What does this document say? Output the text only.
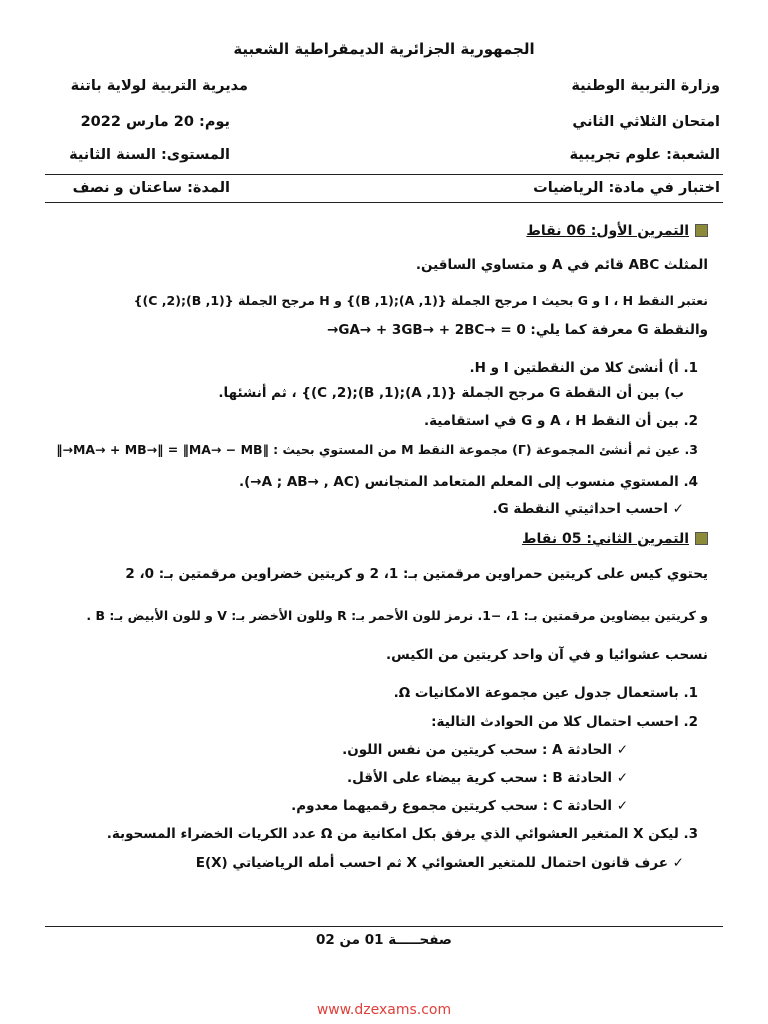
الجمهورية الجزائرية الديمقراطية الشعبية
وزارة التربية الوطنية
مديرية التربية لولاية باتنة
امتحان الثلاثي الثاني
يوم: 20 مارس 2022
الشعبة: علوم تجريبية
المستوى: السنة الثانية
اختبار في مادة: الرياضيات
المدة: ساعتان و نصف
التمرين الأول: 06 نقاط
المثلث ABC قائم في A و متساوي الساقين.
نعتبر النقط I ، H و G بحيث I مرجح الجملة {(A ,1);(B ,1)} و H مرجح الجملة {(B ,1);(C ,2)}
والنقطة G معرفة كما يلي: GA→ + 3GB→ + 2BC→ = 0→
1. أ) أنشئ كلا من النقطتين I و H.
ب) بين أن النقطة G مرجح الجملة {(A ,1);(B ,1);(C ,2)} ، ثم أنشئها.
2. بين أن النقط A ، H و G في استقامية.
3. عين ثم أنشئ المجموعة (Γ) مجموعة النقط M من المستوي بحيث : ‖MA→ + MB→‖ = ‖MA→ − MB→‖
4. المستوي منسوب إلى المعلم المتعامد المتجانس (A ; AB→ , AC→).
✓ احسب احداثيتي النقطة G.
التمرين الثاني: 05 نقاط
يحتوي كيس على كريتين حمراوين مرقمتين بـ: 1، 2 و كريتين خضراوين مرقمتين بـ: 0، 2
و كريتين بيضاوين مرقمتين بـ: 1، −1. نرمز للون الأحمر بـ: R وللون الأخضر بـ: V و للون الأبيض بـ: B .
نسحب عشوائيا و في آن واحد كريتين من الكيس.
1. باستعمال جدول عين مجموعة الامكانيات Ω.
2. احسب احتمال كلا من الحوادث التالية:
✓ الحادثة A : سحب كريتين من نفس اللون.
✓ الحادثة B : سحب كرية بيضاء على الأقل.
✓ الحادثة C : سحب كريتين مجموع رقميهما معدوم.
3. ليكن X المتغير العشوائي الذي يرفق بكل امكانية من Ω عدد الكريات الخضراء المسحوبة.
✓ عرف قانون احتمال للمتغير العشوائي X ثم احسب أمله الرياضياتي E(X)
صفحـــــة 01 من 02
www.dzexams.com
